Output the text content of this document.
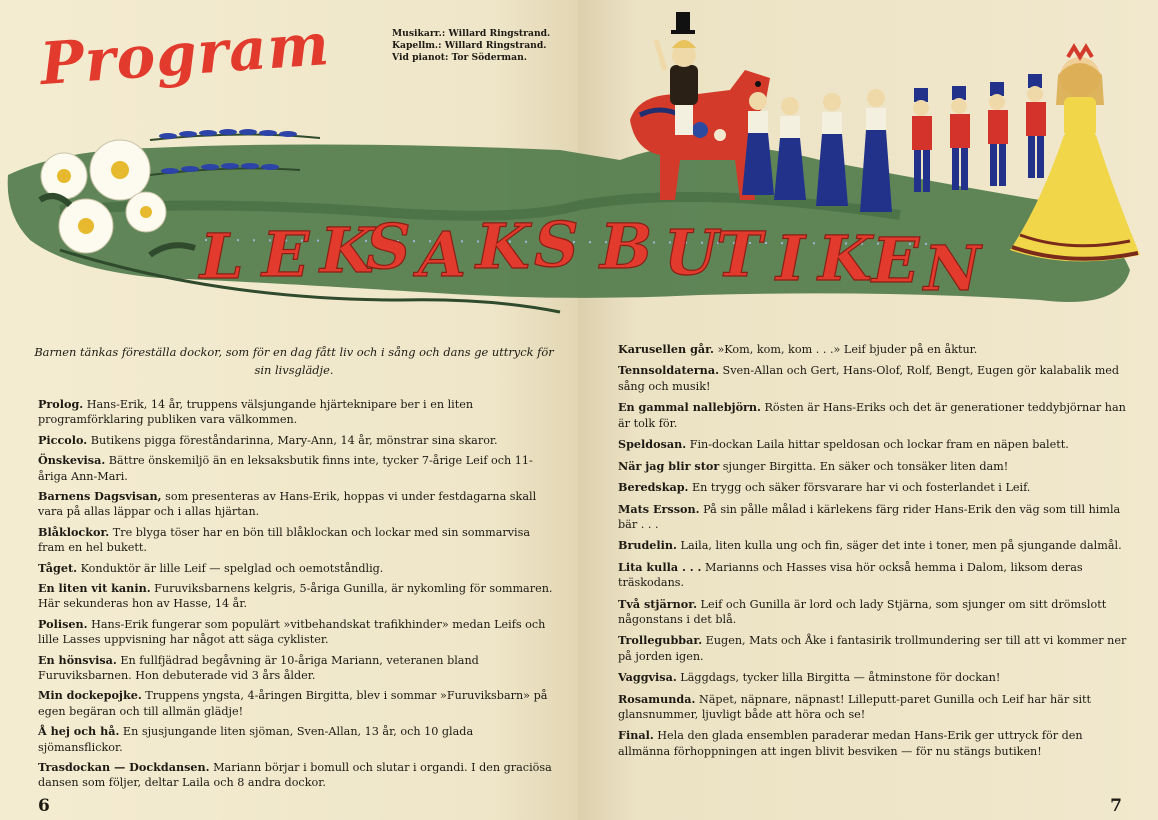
L E K
S A K S B U
T I K E N
Program	Musikarr.: Willard Ringstrand.
Kapellm.: Willard Ringstrand.
Vid pianot: Tor Söderman.
Barnen tänkas föreställa dockor, som för en dag fått liv och i sång och dans ge uttryck för sin livsglädje.
Prolog. Hans-Erik, 14 år, truppens välsjungande hjärteknipare ber i en liten programförklaring publiken vara välkommen.
Piccolo. Butikens pigga föreståndarinna, Mary-Ann, 14 år, mönstrar sina skaror.
Önskevisa. Bättre önskemiljö än en leksaksbutik finns inte, tycker 7-årige Leif och 11-åriga Ann-Mari.
Barnens Dagsvisan, som presenteras av Hans-Erik, hoppas vi under festdagarna skall vara på allas läppar och i allas hjärtan.
Blåklockor. Tre blyga töser har en bön till blåklockan och lockar med sin sommarvisa fram en hel bukett.
Tåget. Konduktör är lille Leif — spelglad och oemotståndlig.
En liten vit kanin. Furuviksbarnens kelgris, 5-åriga Gunilla, är nykomling för sommaren. Här sekunderas hon av Hasse, 14 år.
Polisen. Hans-Erik fungerar som populärt »vitbehandskat trafikhinder» medan Leifs och lille Lasses uppvisning har något att säga cyklister.
En hönsvisa. En fullfjädrad begåvning är 10-åriga Mariann, veteranen bland Furuviksbarnen. Hon debuterade vid 3 års ålder.
Min dockepojke. Truppens yngsta, 4-åringen Birgitta, blev i sommar »Furuviksbarn» på egen begäran och till allmän glädje!
Å hej och hå. En sjusjungande liten sjöman, Sven-Allan, 13 år, och 10 glada sjömansflickor.
Trasdockan — Dockdansen. Mariann börjar i bomull och slutar i organdi. I den graciösa dansen som följer, deltar Laila och 8 andra dockor.
Karusellen går. »Kom, kom, kom . . .» Leif bjuder på en åktur.
Tennsoldaterna. Sven-Allan och Gert, Hans-Olof, Rolf, Bengt, Eugen gör kalabalik med sång och musik!
En gammal nallebjörn. Rösten är Hans-Eriks och det är generationer teddybjörnar han är tolk för.
Speldosan. Fin-dockan Laila hittar speldosan och lockar fram en näpen balett.
När jag blir stor sjunger Birgitta. En säker och tonsäker liten dam!
Beredskap. En trygg och säker försvarare har vi och fosterlandet i Leif.
Mats Ersson. På sin pålle målad i kärlekens färg rider Hans-Erik den väg som till himla bär . . .
Brudelin. Laila, liten kulla ung och fin, säger det inte i toner, men på sjungande dalmål.
Lita kulla . . . Marianns och Hasses visa hör också hemma i Dalom, liksom deras träskodans.
Två stjärnor. Leif och Gunilla är lord och lady Stjärna, som sjunger om sitt drömslott någonstans i det blå.
Trollegubbar. Eugen, Mats och Åke i fantasirik trollmundering ser till att vi kommer ner på jorden igen.
Vaggvisa. Läggdags, tycker lilla Birgitta — åtminstone för dockan!
Rosamunda. Näpet, näpnare, näpnast! Lilleputt-paret Gunilla och Leif har här sitt glansnummer, ljuvligt både att höra och se!
Final. Hela den glada ensemblen paraderar medan Hans-Erik ger uttryck för den allmänna förhoppningen att ingen blivit besviken — för nu stängs butiken!
6	7
